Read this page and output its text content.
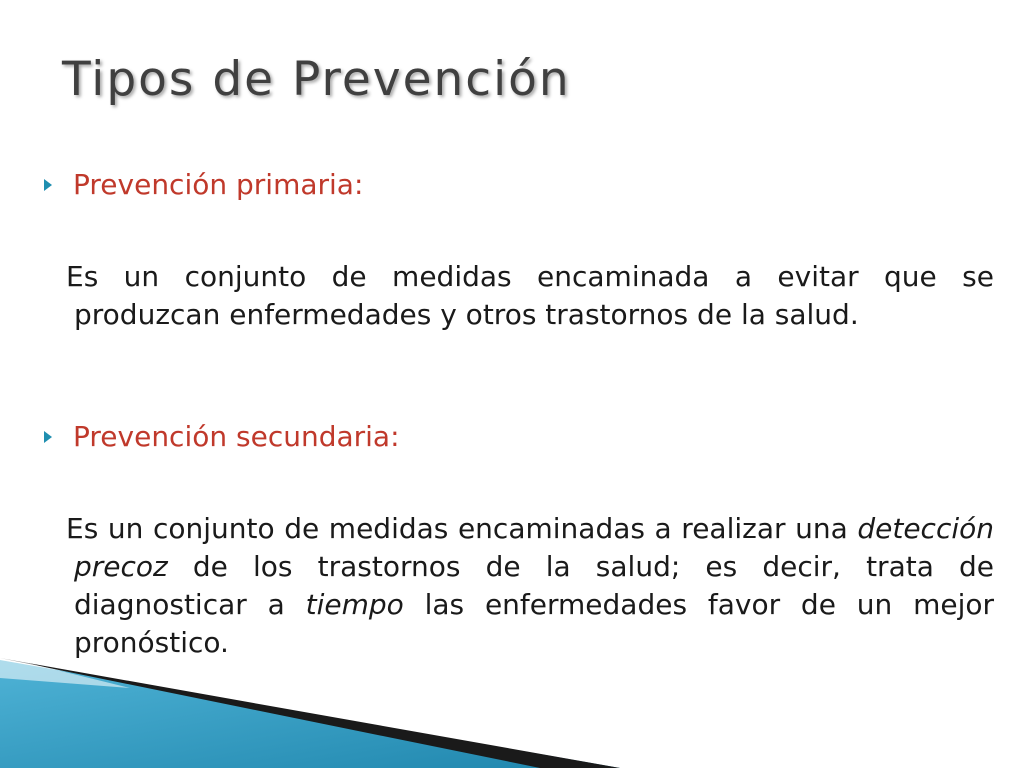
Tipos de Prevención
Prevención primaria:
Es un conjunto de medidas encaminada a evitar que se produzcan enfermedades y otros trastornos de la salud.
Prevención secundaria:
Es un conjunto de medidas encaminadas a realizar una detección precoz de los trastornos de la salud; es decir, trata de diagnosticar a tiempo las enfermedades favor de un mejor pronóstico.
